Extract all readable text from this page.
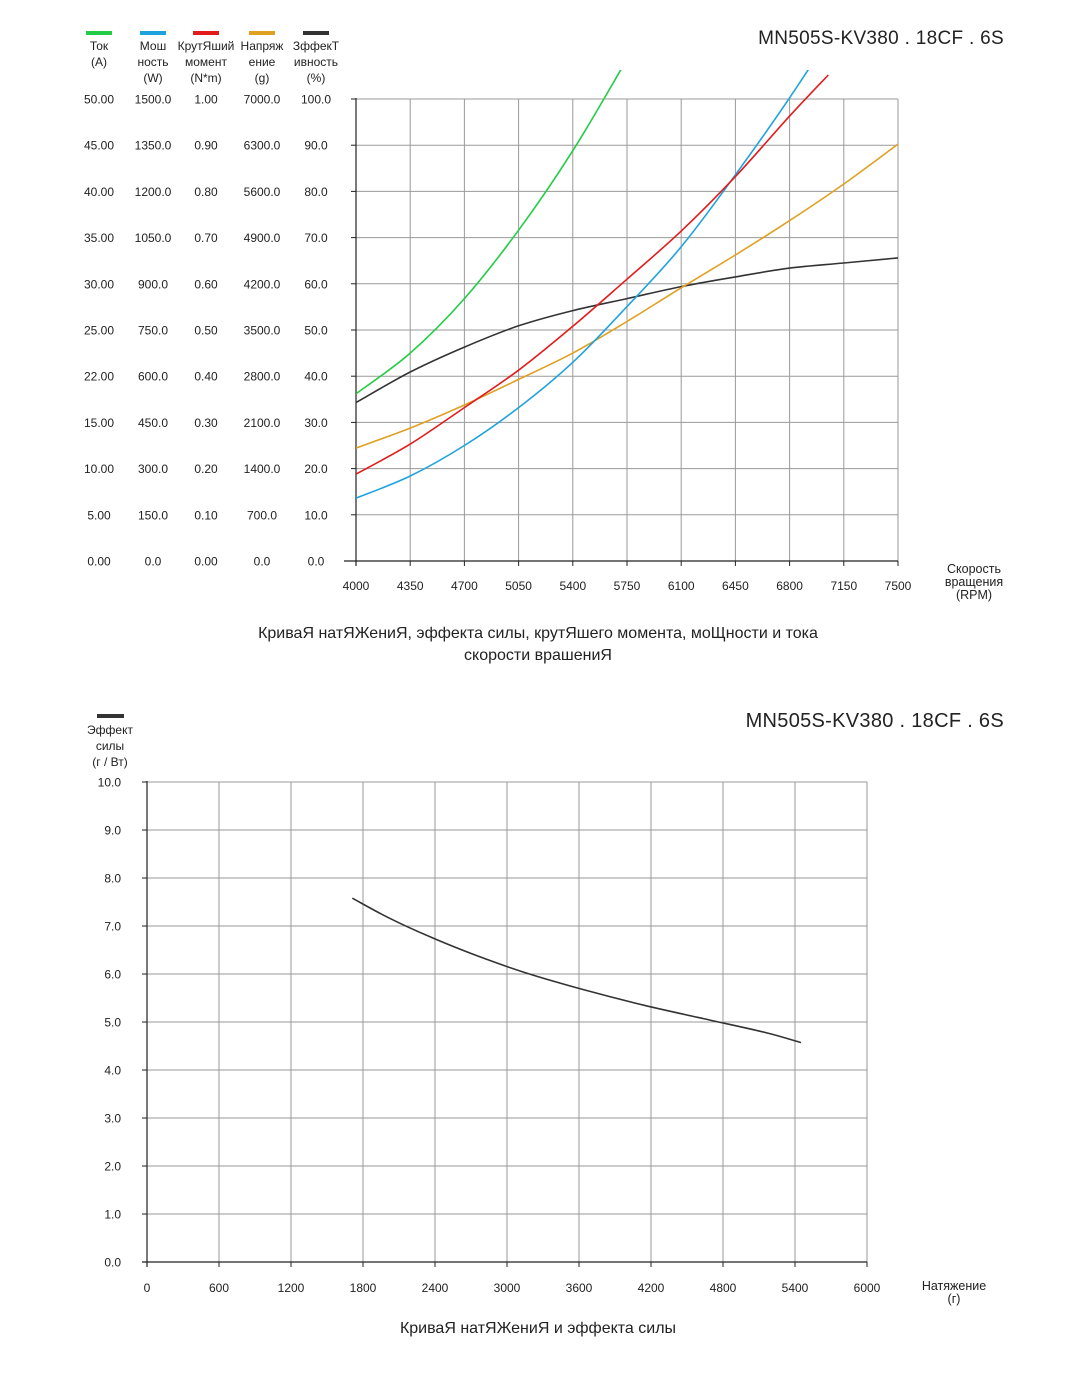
MN505S-KV380 . 18CF . 6S
4000 4350 4700 5050 5400 5750 6100 6450 6800 7150 7500
Скорость
вращения
(RPM)
0.00
5.00
10.00
15.00
22.00
25.00
30.00
35.00
40.00
45.00
50.00
Ток
(A)
0.0
150.0
300.0
450.0
600.0
750.0
900.0
1050.0
1200.0
1350.0
1500.0
Мош
ность
(W)
0.00
0.10
0.20
0.30
0.40
0.50
0.60
0.70
0.80
0.90
1.00
КрутЯший
момент
(N*m)
0.0
700.0
1400.0
2100.0
2800.0
3500.0
4200.0
4900.0
5600.0
6300.0
7000.0
Напряж
ение
(g)
0.0
10.0
20.0
30.0
40.0
50.0
60.0
70.0
80.0
90.0
100.0
ЗффекТ
ивность
(%)
КриваЯ натЯЖениЯ, эффекта силы, крутЯшего момента, моЩности и тока
скорости врашениЯ
MN505S-KV380 . 18CF . 6S
0.0
1.0
2.0
3.0
4.0
5.0
6.0
7.0
8.0
9.0
10.0
0	600	1200	1800	2400	3000	3600	4200	4800	5400	6000	Натяжение
(г)
Эффект
силы
(г / Вт)
КриваЯ натЯЖениЯ и эффекта силы
